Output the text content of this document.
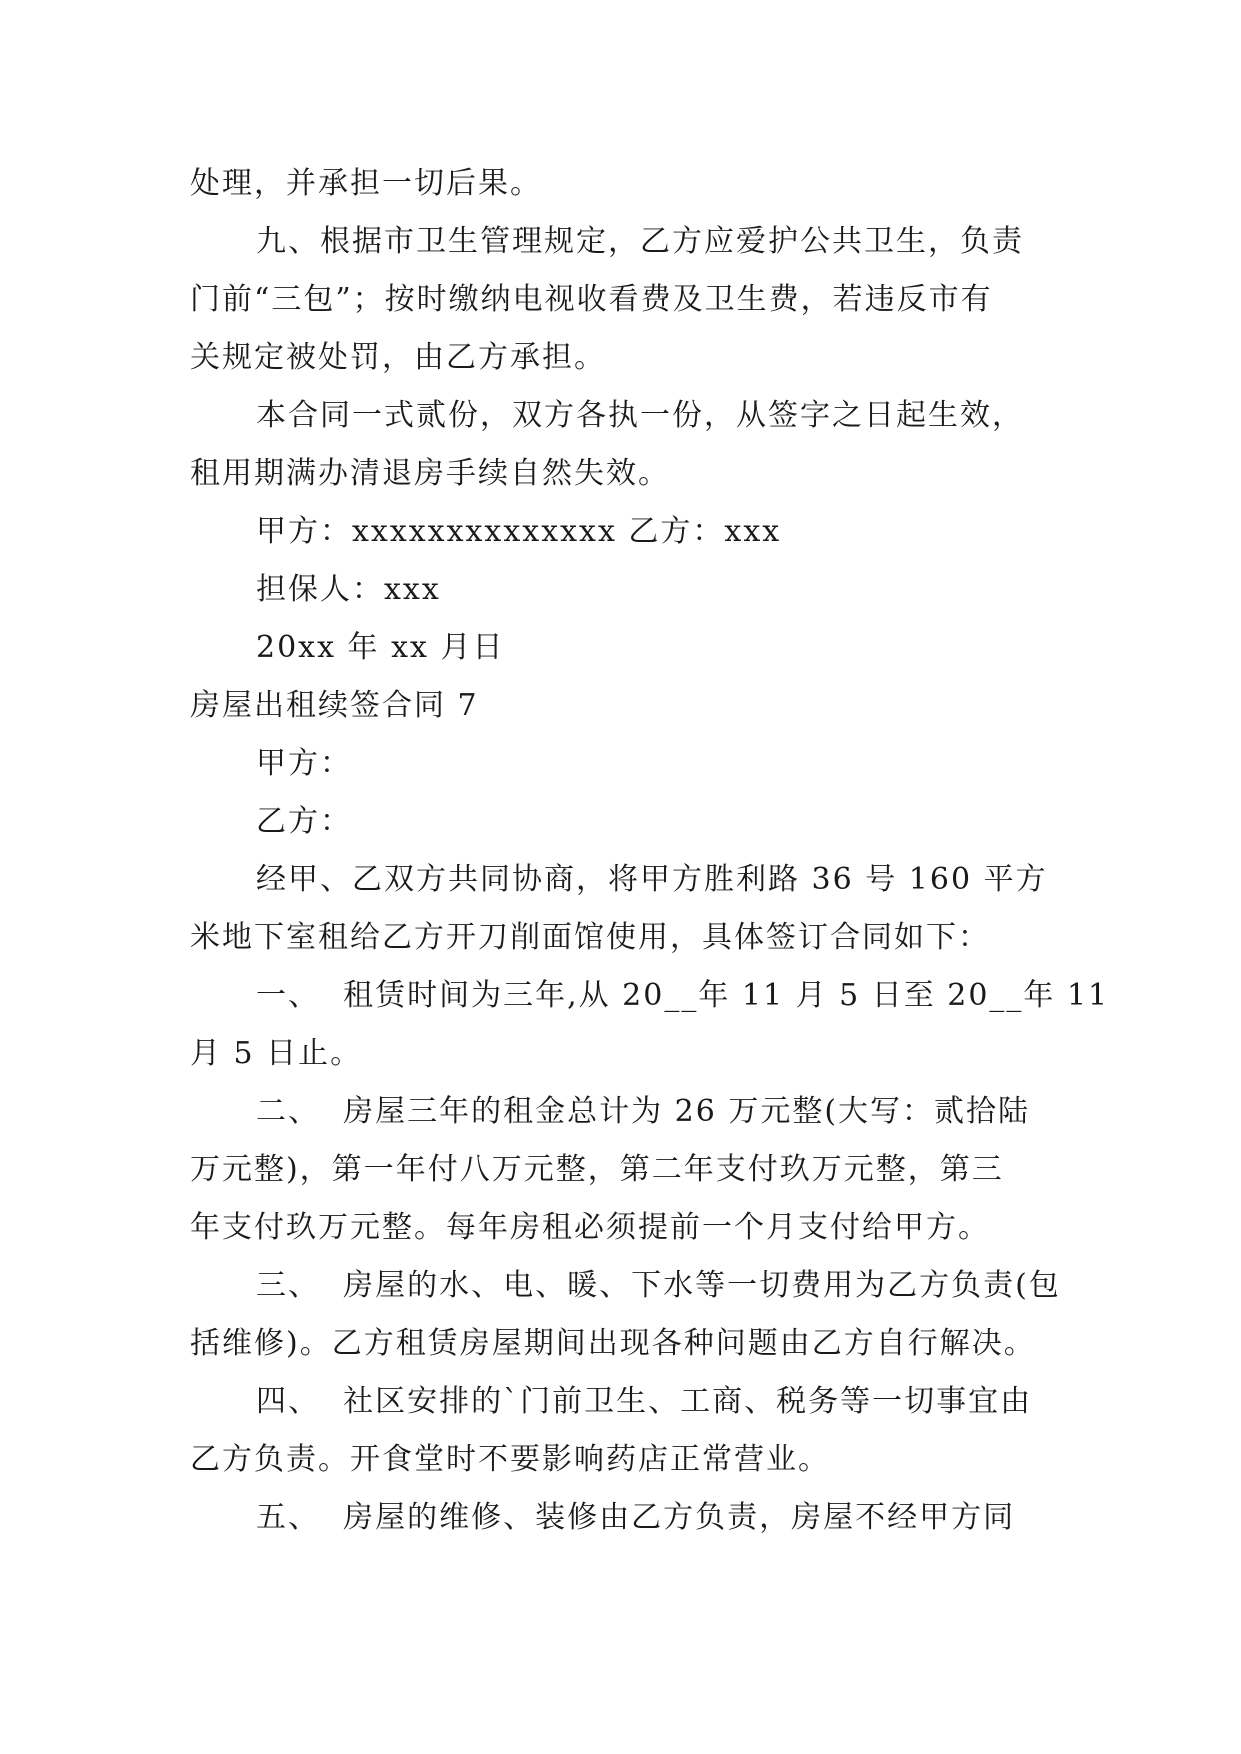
处理，并承担一切后果。

九、根据市卫生管理规定，乙方应爱护公共卫生，负责

门前“三包”；按时缴纳电视收看费及卫生费，若违反市有

关规定被处罚，由乙方承担。

本合同一式贰份，双方各执一份，从签字之日起生效，

租用期满办清退房手续自然失效。

甲方：xxxxxxxxxxxxxx 乙方：xxx

担保人：xxx

20xx 年 xx 月日

房屋出租续签合同 7

甲方：

乙方：

经甲、乙双方共同协商，将甲方胜利路 36 号 160 平方

米地下室租给乙方开刀削面馆使用，具体签订合同如下：

一、  租赁时间为三年,从 20__年 11 月 5 日至 20__年 11

月 5 日止。

二、  房屋三年的租金总计为 26 万元整(大写：贰拾陆

万元整)，第一年付八万元整，第二年支付玖万元整，第三

年支付玖万元整。每年房租必须提前一个月支付给甲方。

三、  房屋的水、电、暖、下水等一切费用为乙方负责(包

括维修)。乙方租赁房屋期间出现各种问题由乙方自行解决。

四、  社区安排的`门前卫生、工商、税务等一切事宜由

乙方负责。开食堂时不要影响药店正常营业。

五、  房屋的维修、装修由乙方负责，房屋不经甲方同
